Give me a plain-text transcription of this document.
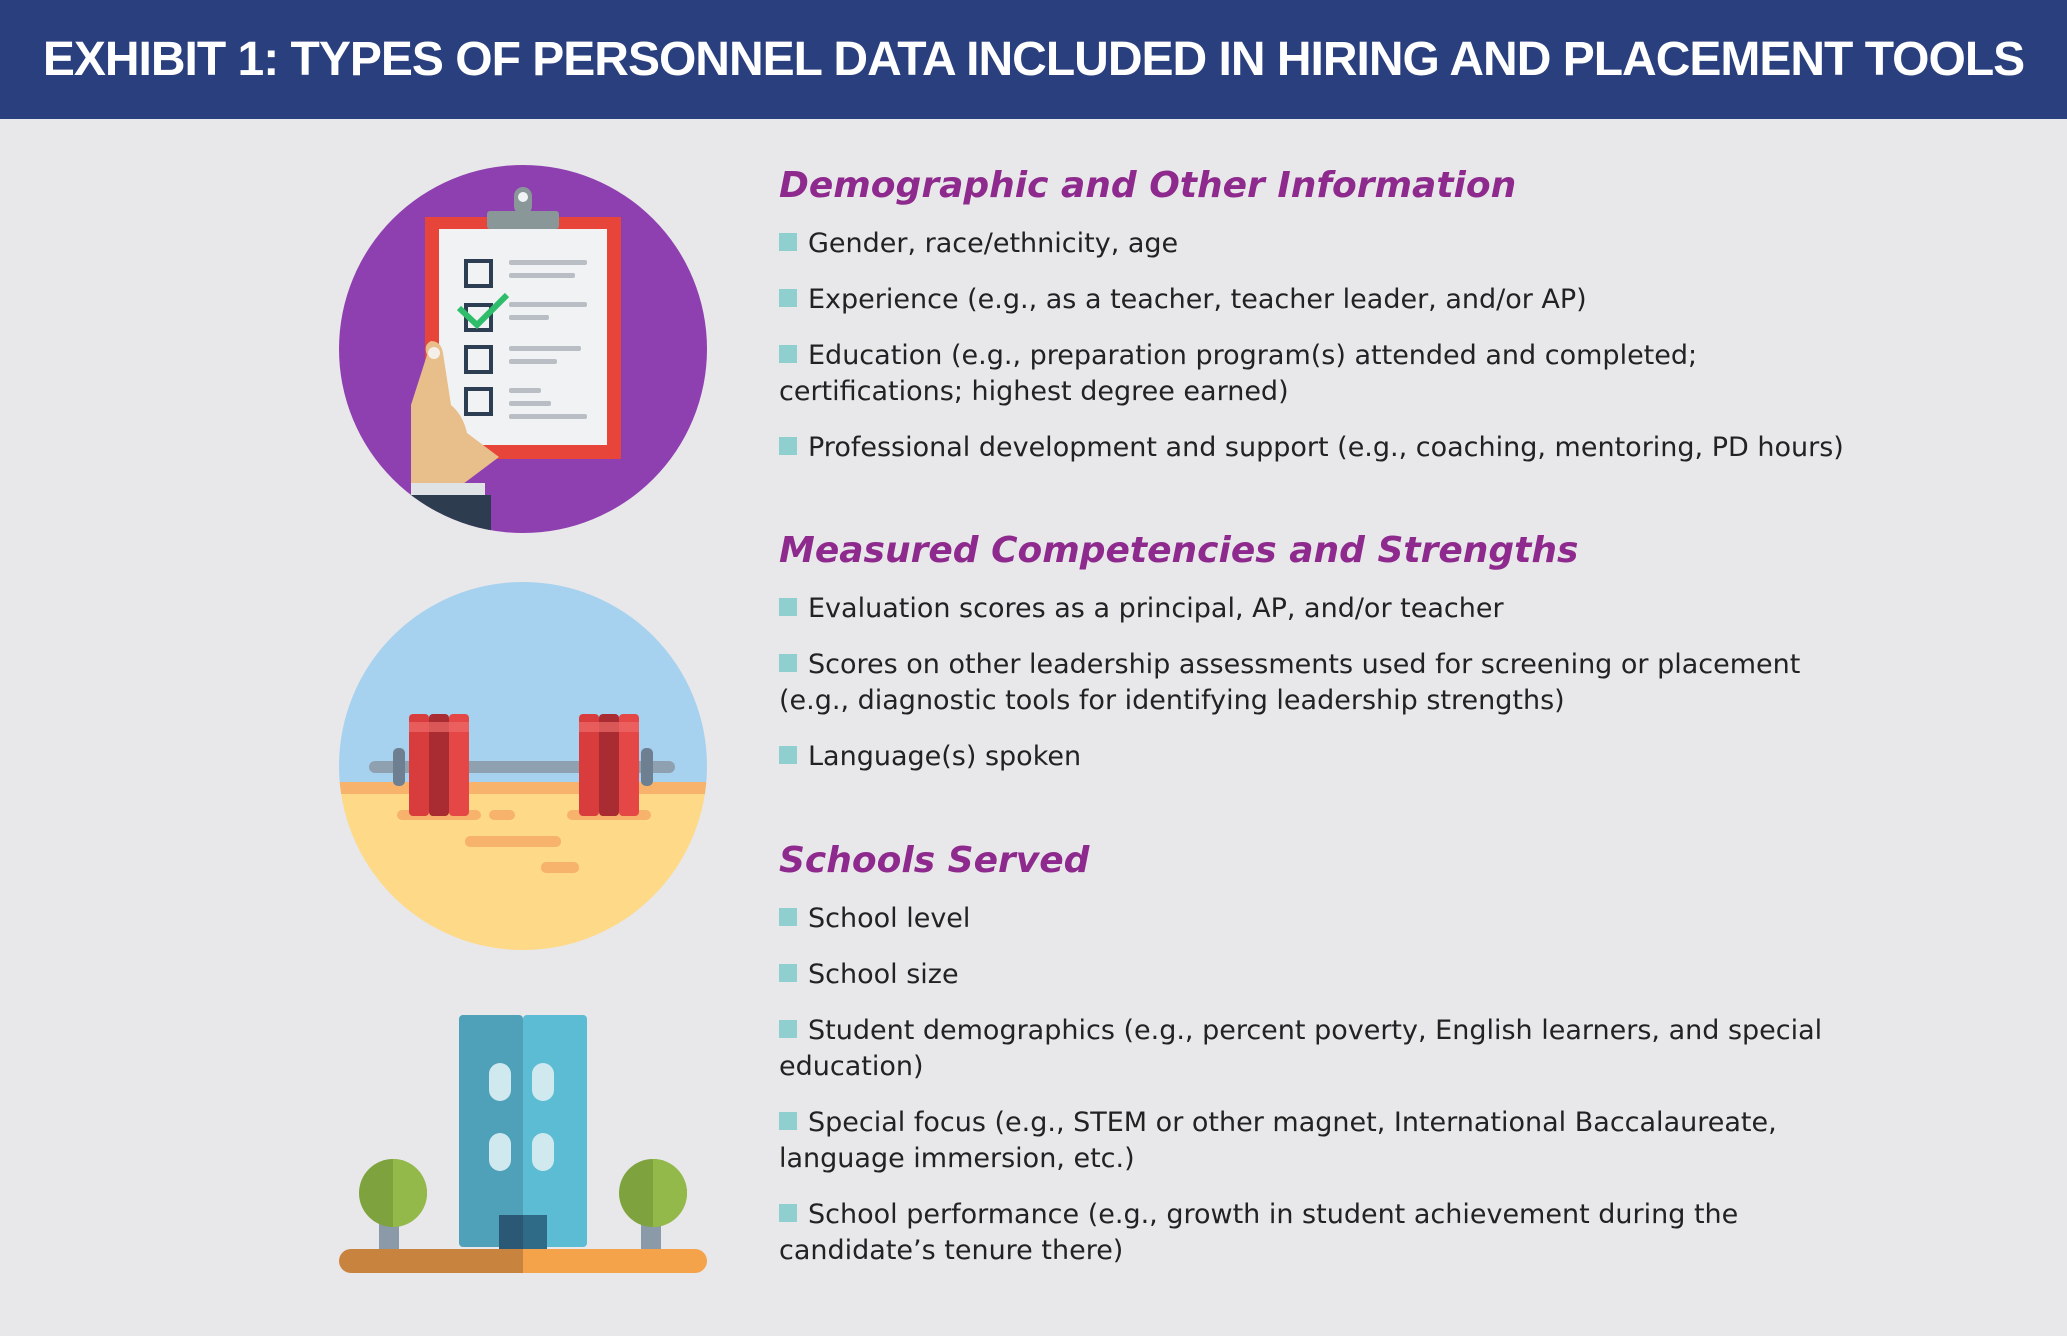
EXHIBIT 1: TYPES OF PERSONNEL DATA INCLUDED IN HIRING AND PLACEMENT TOOLS
Demographic and Other Information
Gender, race/ethnicity, age
Experience (e.g., as a teacher, teacher leader, and/or AP)
Education (e.g., preparation program(s) attended and completed; certifications; highest degree earned)
Professional development and support (e.g., coaching, mentoring, PD hours)
Measured Competencies and Strengths
Evaluation scores as a principal, AP, and/or teacher
Scores on other leadership assessments used for screening or placement (e.g., diagnostic tools for identifying leadership strengths)
Language(s) spoken
Schools Served
School level
School size
Student demographics (e.g., percent poverty, English learners, and special education)
Special focus (e.g., STEM or other magnet, International Baccalaureate, language immersion, etc.)
School performance (e.g., growth in student achievement during the candidate’s tenure there)
